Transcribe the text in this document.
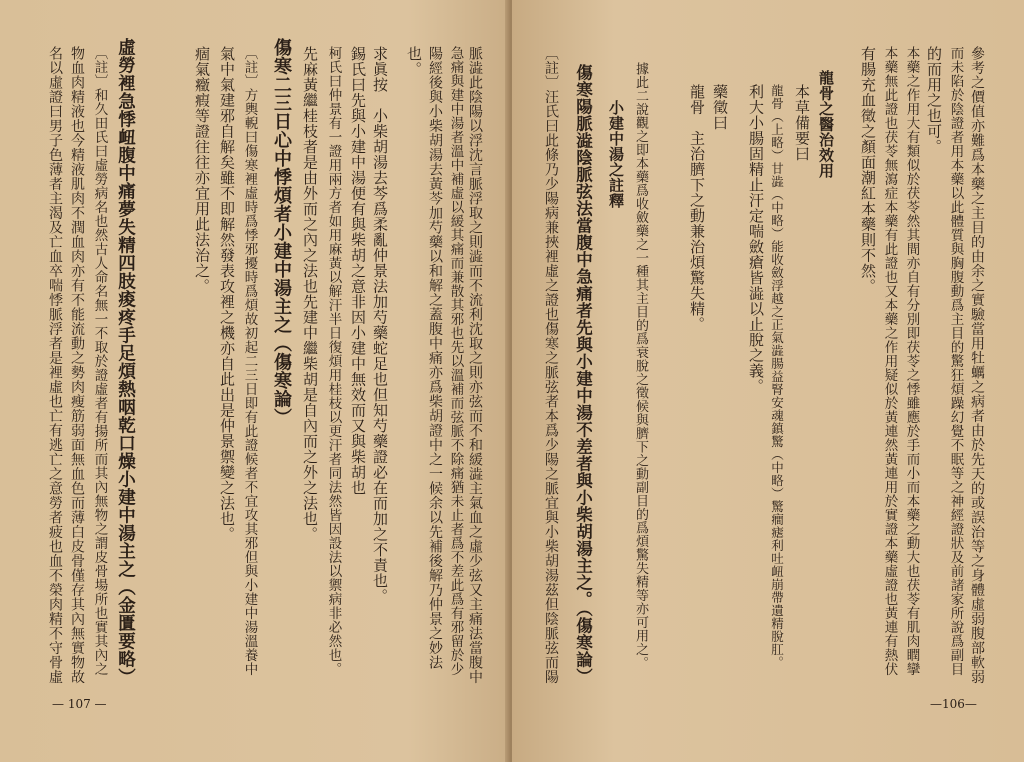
脈澁此陰陽以浮沈言脈浮取之則澁而不流利沈取之則亦弦而不和緩澁主氣血之虛少弦又主痛法當腹中
急痛與建中湯者溫中補虛以緩其痛而兼散其邪也先以溫補而弦脈不除痛猶未止者爲不差此爲有邪留於少
陽經後與小柴胡湯去黃芩加芍藥以和解之蓋腹中痛亦爲柴胡證中之一候余以先補後解乃仲景之妙法
也。
求眞按　小柴胡湯去芩爲柔亂仲景法加芍藥蛇足也但知芍藥證必在而加之不責也。
錫氏曰先與小建中湯便有與柴胡之意非因小建中無效而又與柴胡也
柯氏曰仲景有一證用兩方者如用麻黃以解汗半日復煩用桂枝以更汗者同法然皆因設法以禦病非必然也。
先麻黃繼桂枝者是由外而之內之法也先建中繼柴胡是自內而之外之法也。
傷寒二三日心中悸煩者小建中湯主之（傷寒論）
〔註〕方輿輗曰傷寒裡虛時爲悸邪擾時爲煩故初起二三日即有此證候者不宜攻其邪但與小建中湯溫養中
氣中氣建邪自解矣雖不即解然發表攻裡之機亦自此出是仲景禦變之法也。
痼氣癥瘕等證往往亦宜用此法治之。
虛勞裡急悸衄腹中痛夢失精四肢痠疼手足煩熱咽乾口燥小建中湯主之（金匱要略）
〔註〕和久田氏曰虛勞病名也然古人命名無一不取於證虛者有揚所而其內無物之謂皮骨場所也實其內之
物血肉精液也今精液肌肉不潤血肉亦有不能流動之勢肉瘦筋弱面無血色而薄白皮骨僅存其內無實物故
名以虛證曰男子色薄者主渴及亡血卒喘悸脈浮者是裡虛也亡有逃亡之意勞者疲也血不榮肉精不守骨虛
— 107 —
參考之價值亦難爲本藥之主目的由余之實驗當用牡蠣之病者由於先天的或誤治等之身體虛弱腹部軟弱
而未陷於陰證者用本藥以此體質與胸腹動爲主目的驚狂煩躁幻覺不眠等之神經證狀及前諸家所說爲副目
的而用之也可。
本藥之作用大有類似於茯苓然其間亦自有分別即茯苓之悸雖應於手而小而本藥之動大也茯苓有肌肉瞤攣
本藥無此證也茯苓無瀉症本藥有此證也又本藥之作用疑似於黃連然黃連用於實證本藥虛證也黃連有熱伏
有腸充血徵之顏面潮紅本藥則不然。
龍骨之醫治效用
本草備要曰
龍骨（上略）甘澁（中略）能收斂浮越之正氣澁腸益腎安魂鎮驚（中略）驚癎瘧利吐衄崩帶遺精脫肛。
利大小腸固精止汗定喘斂瘡皆澁以止脫之義。
藥徵曰
龍骨　主治臍下之動兼治煩驚失精。
據此二說觀之即本藥爲收斂藥之一種其主目的爲衰脫之徵候與臍下之動副目的爲煩驚失精等亦可用之。
小建中湯之註釋
傷寒陽脈澁陰脈弦法當腹中急痛者先與小建中湯不差者與小柴胡湯主之。（傷寒論）
〔註〕汪氏曰此條乃少陽病兼挾裡虛之證也傷寒之脈弦者本爲少陽之脈宜與小柴胡湯茲但陰脈弦而陽
—106—
